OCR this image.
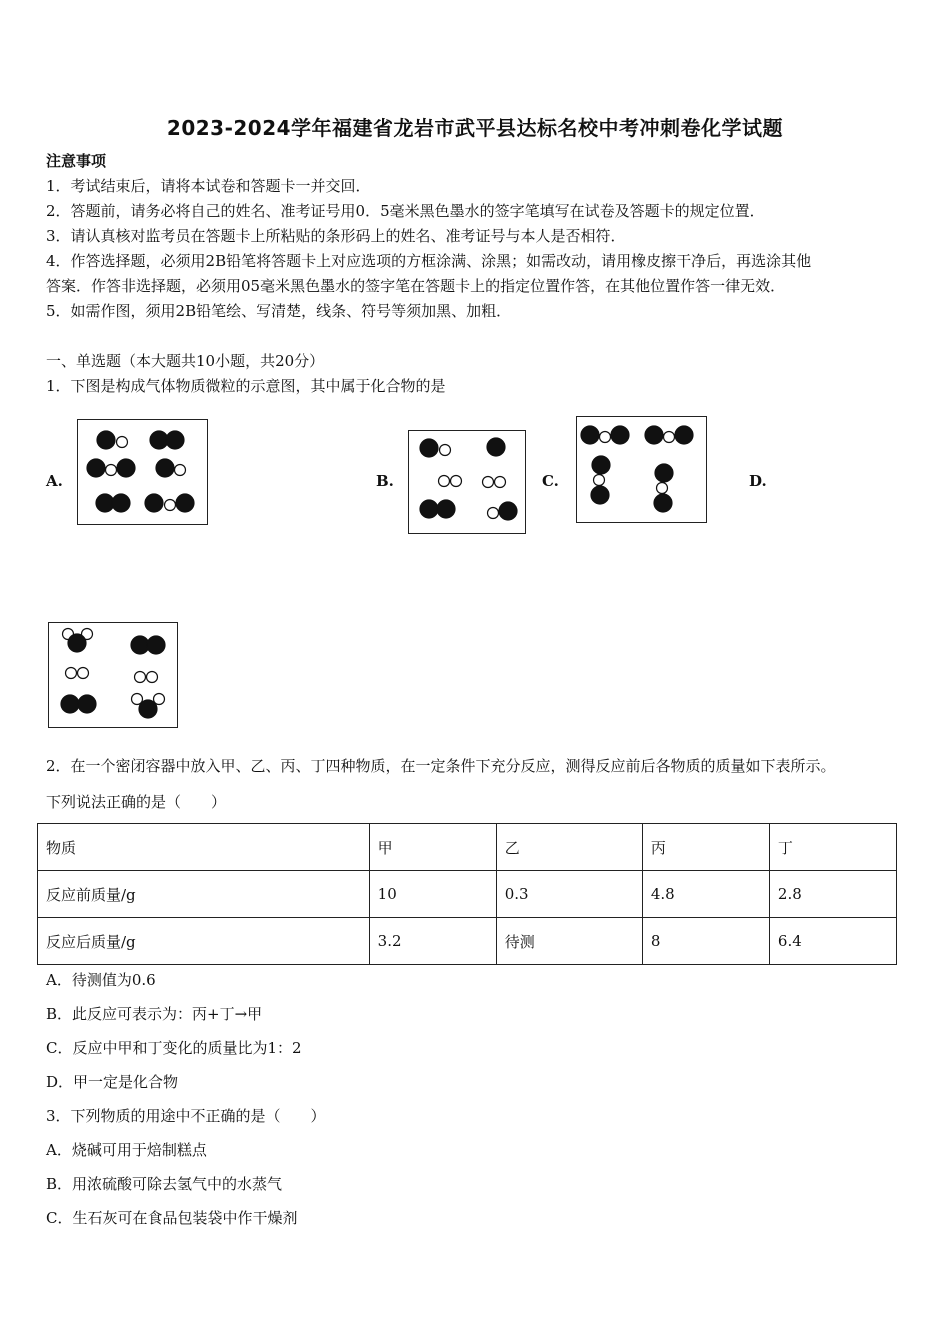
2023-2024学年福建省龙岩市武平县达标名校中考冲刺卷化学试题
注意事项
1．考试结束后，请将本试卷和答题卡一并交回．
2．答题前，请务必将自己的姓名、准考证号用0．5毫米黑色墨水的签字笔填写在试卷及答题卡的规定位置．
3．请认真核对监考员在答题卡上所粘贴的条形码上的姓名、准考证号与本人是否相符．
4．作答选择题，必须用2B铅笔将答题卡上对应选项的方框涂满、涂黑；如需改动，请用橡皮擦干净后，再选涂其他
答案．作答非选择题，必须用05毫米黑色墨水的签字笔在答题卡上的指定位置作答，在其他位置作答一律无效．
5．如需作图，须用2B铅笔绘、写清楚，线条、符号等须加黑、加粗．
一、单选题（本大题共10小题，共20分）
1．下图是构成气体物质微粒的示意图，其中属于化合物的是
A.	B.	C.	D.
2．在一个密闭容器中放入甲、乙、丙、丁四种物质，在一定条件下充分反应，测得反应前后各物质的质量如下表所示。
下列说法正确的是（　　）
物质	甲	乙	丙	丁
反应前质量/g	10	0.3	4.8	2.8
反应后质量/g	3.2	待测	8	6.4
A．待测值为0.6
B．此反应可表示为：丙+丁→甲
C．反应中甲和丁变化的质量比为1：2
D．甲一定是化合物
3．下列物质的用途中不正确的是（　　）
A．烧碱可用于焙制糕点
B．用浓硫酸可除去氢气中的水蒸气
C．生石灰可在食品包装袋中作干燥剂
